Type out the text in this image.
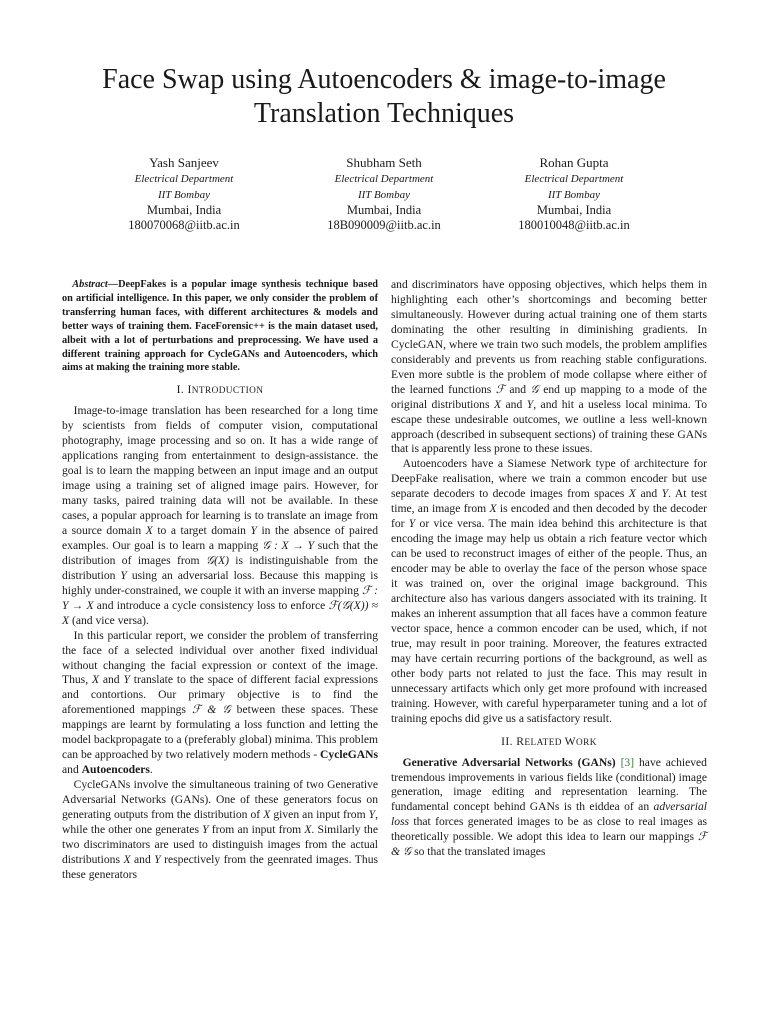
Face Swap using Autoencoders & image-to-image Translation Techniques
Yash Sanjeev
Electrical Department
IIT Bombay
Mumbai, India
180070068@iitb.ac.in
Shubham Seth
Electrical Department
IIT Bombay
Mumbai, India
18B090009@iitb.ac.in
Rohan Gupta
Electrical Department
IIT Bombay
Mumbai, India
180010048@iitb.ac.in

Abstract—DeepFakes is a popular image synthesis technique based on artificial intelligence. In this paper, we only consider the problem of transferring human faces, with different architectures & models and better ways of training them. FaceForensic++ is the main dataset used, albeit with a lot of perturbations and preprocessing. We have used a different training approach for CycleGANs and Autoencoders, which aims at making the training more stable.

I. INTRODUCTION

Image-to-image translation has been researched for a long time by scientists from fields of computer vision, computational photography, image processing and so on. It has a wide range of applications ranging from entertainment to design-assistance. the goal is to learn the mapping between an input image and an output image using a training set of aligned image pairs. However, for many tasks, paired training data will not be available. In these cases, a popular approach for learning is to translate an image from a source domain X to a target domain Y in the absence of paired examples. Our goal is to learn a mapping 𝒢 : X → Y such that the distribution of images from 𝒢(X) is indistinguishable from the distribution Y using an adversarial loss. Because this mapping is highly under-constrained, we couple it with an inverse mapping ℱ : Y → X and introduce a cycle consistency loss to enforce ℱ(𝒢(X)) ≈ X (and vice versa).

In this particular report, we consider the problem of transferring the face of a selected individual over another fixed individual without changing the facial expression or context of the image. Thus, X and Y translate to the space of different facial expressions and contortions. Our primary objective is to find the aforementioned mappings ℱ & 𝒢 between these spaces. These mappings are learnt by formulating a loss function and letting the model backpropagate to a (preferably global) minima. This problem can be approached by two relatively modern methods - CycleGANs and Autoencoders.

CycleGANs involve the simultaneous training of two Generative Adversarial Networks (GANs). One of these generators focus on generating outputs from the distribution of X given an input from Y, while the other one generates Y from an input from X. Similarly the two discriminators are used to distinguish images from the actual distributions X and Y respectively from the geenrated images. Thus these generators

and discriminators have opposing objectives, which helps them in highlighting each other’s shortcomings and becoming better simultaneously. However during actual training one of them starts dominating the other resulting in diminishing gradients. In CycleGAN, where we train two such models, the problem amplifies considerably and prevents us from reaching stable configurations. Even more subtle is the problem of mode collapse where either of the learned functions ℱ and 𝒢 end up mapping to a mode of the original distributions X and Y, and hit a useless local minima. To escape these undesirable outcomes, we outline a less well-known approach (described in subsequent sections) of training these GANs that is apparently less prone to these issues.

Autoencoders have a Siamese Network type of architecture for DeepFake realisation, where we train a common encoder but use separate decoders to decode images from spaces X and Y. At test time, an image from X is encoded and then decoded by the decoder for Y or vice versa. The main idea behind this architecture is that encoding the image may help us obtain a rich feature vector which can be used to reconstruct images of either of the people. Thus, an encoder may be able to overlay the face of the person whose space it was trained on, over the original image background. This architecture also has various dangers associated with its training. It makes an inherent assumption that all faces have a common feature vector space, hence a common encoder can be used, which, if not true, may result in poor training. Moreover, the features extracted may have certain recurring portions of the background, as well as other body parts not related to just the face. This may result in unnecessary artifacts which only get more profound with increased training. However, with careful hyperparameter tuning and a lot of training epochs did give us a satisfactory result.

II. RELATED WORK

Generative Adversarial Networks (GANs) [3] have achieved tremendous improvements in various fields like (conditional) image generation, image editing and representation learning. The fundamental concept behind GANs is th eiddea of an adversarial loss that forces generated images to be as close to real images as theoretically possible. We adopt this idea to learn our mappings ℱ & 𝒢 so that the translated images
